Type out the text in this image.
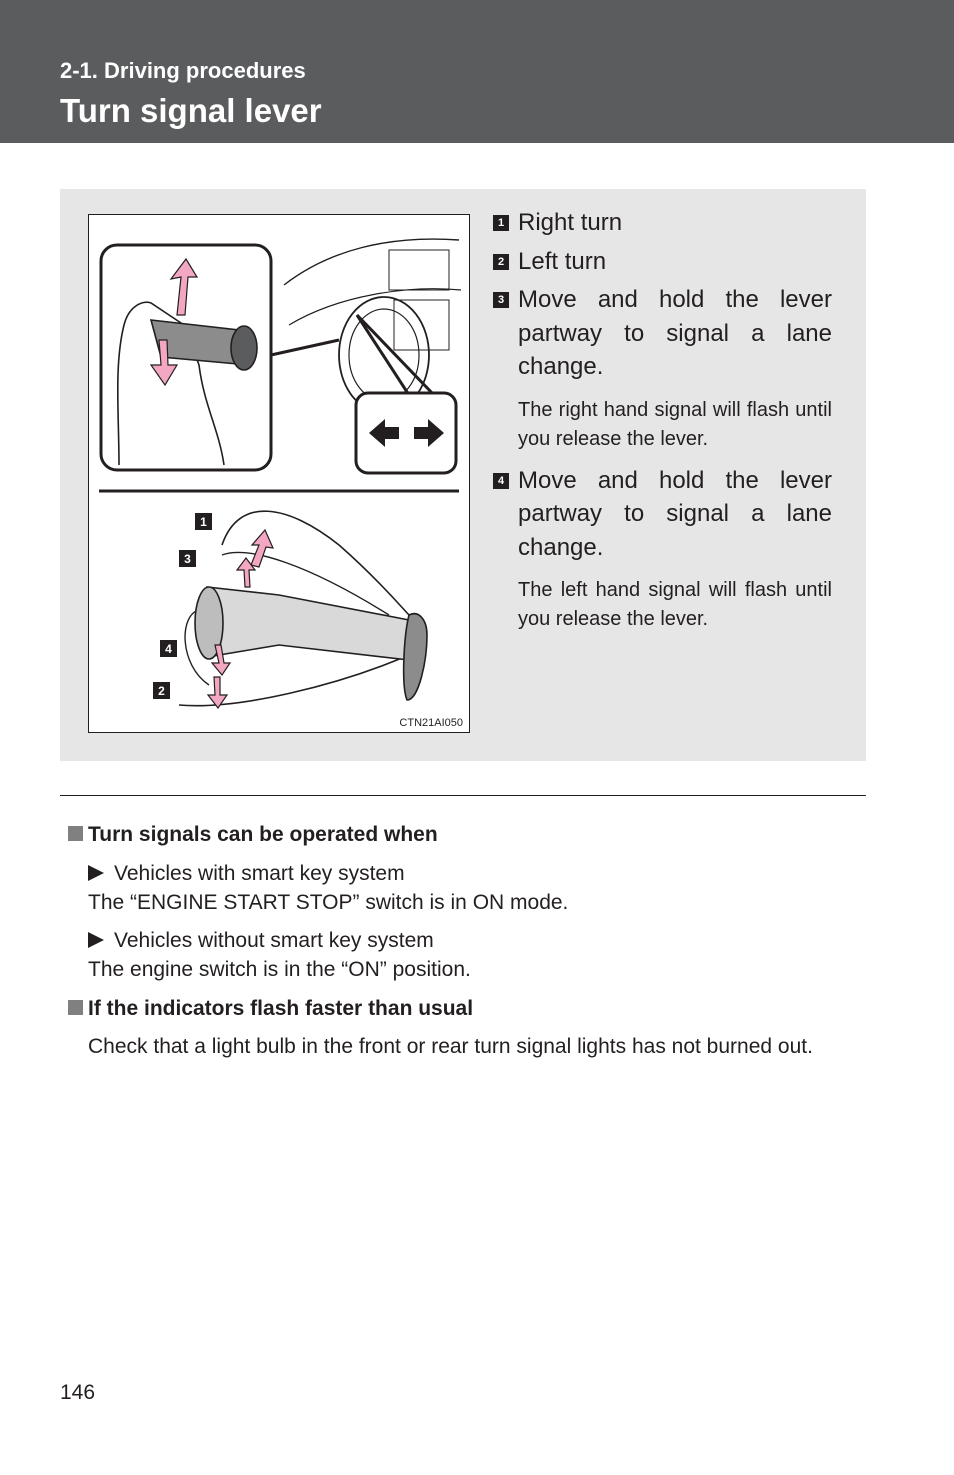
2-1. Driving procedures
Turn signal lever
1
3
4
2
CTN21AI050
1 Right turn
2 Left turn
3 Move and hold the lever partway to signal a lane change.
The right hand signal will flash until you release the lever.
4 Move and hold the lever partway to signal a lane change.
The left hand signal will flash until you release the lever.
Turn signals can be operated when
Vehicles with smart key system
The “ENGINE START STOP” switch is in ON mode.
Vehicles without smart key system
The engine switch is in the “ON” position.
If the indicators flash faster than usual
Check that a light bulb in the front or rear turn signal lights has not burned out.
146
